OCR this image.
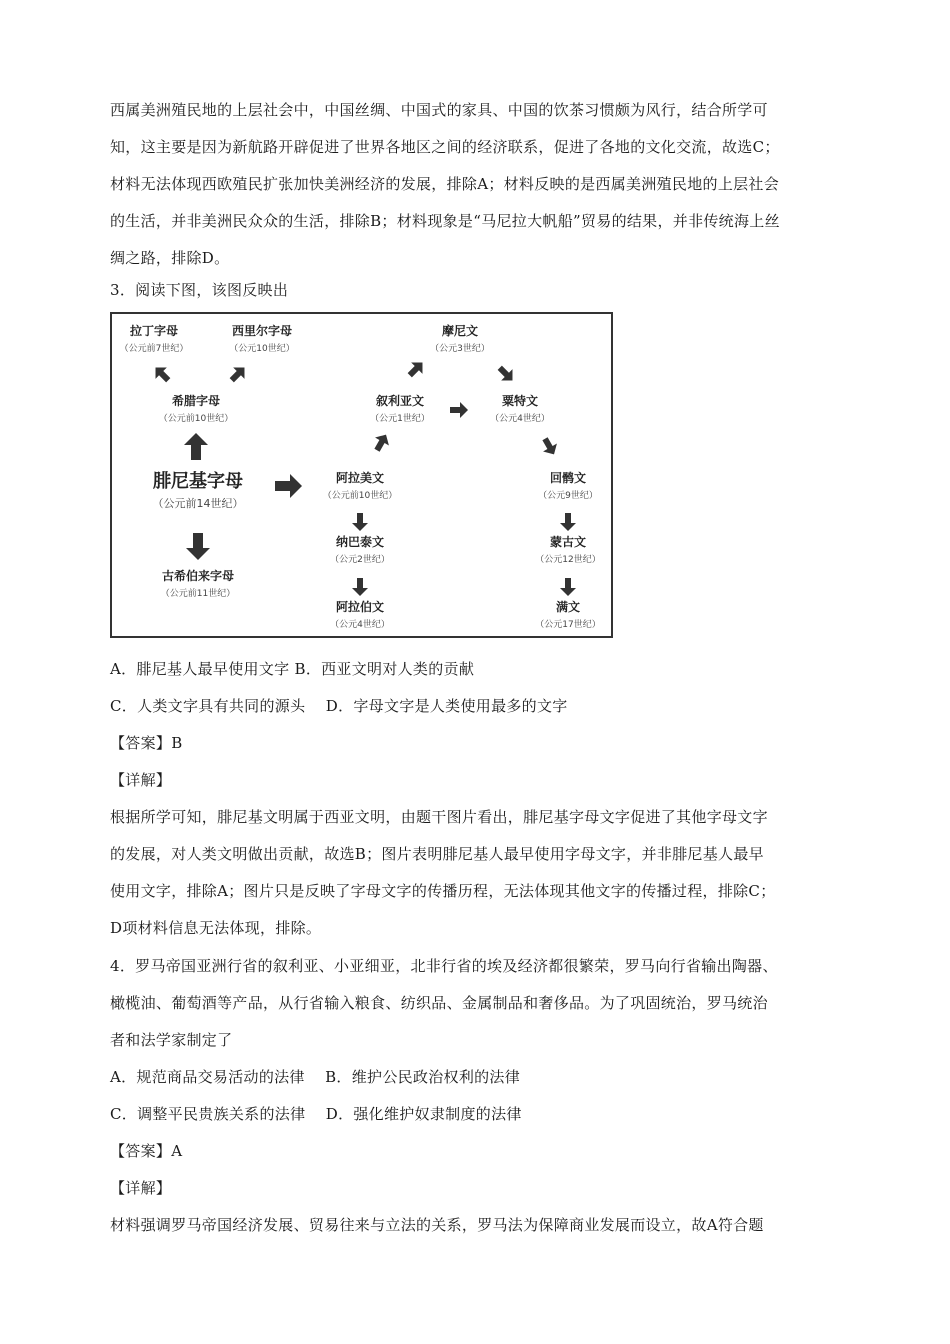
西属美洲殖民地的上层社会中，中国丝绸、中国式的家具、中国的饮茶习惯颇为风行，结合所学可
知，这主要是因为新航路开辟促进了世界各地区之间的经济联系，促进了各地的文化交流，故选C；
材料无法体现西欧殖民扩张加快美洲经济的发展，排除A；材料反映的是西属美洲殖民地的上层社会
的生活，并非美洲民众众的生活，排除B；材料现象是“马尼拉大帆船”贸易的结果，并非传统海上丝
绸之路，排除D。
3．阅读下图，该图反映出
拉丁字母
（公元前7世纪）
西里尔字母
（公元10世纪）
希腊字母
（公元前10世纪）
腓尼基字母
（公元前14世纪）
古希伯来字母
（公元前11世纪）
阿拉美文
（公元前10世纪）
叙利亚文
（公元1世纪）
纳巴泰文
（公元2世纪）
阿拉伯文
（公元4世纪）
摩尼文
（公元3世纪）
粟特文
（公元4世纪）
回鹘文
（公元9世纪）
蒙古文
（公元12世纪）
满文
（公元17世纪）
A．腓尼基人最早使用文字 B．西亚文明对人类的贡献
C．人类文字具有共同的源头　 D．字母文字是人类使用最多的文字
【答案】B
【详解】
根据所学可知，腓尼基文明属于西亚文明，由题干图片看出，腓尼基字母文字促进了其他字母文字
的发展，对人类文明做出贡献，故选B；图片表明腓尼基人最早使用字母文字，并非腓尼基人最早
使用文字，排除A；图片只是反映了字母文字的传播历程，无法体现其他文字的传播过程，排除C；
D项材料信息无法体现，排除。
4．罗马帝国亚洲行省的叙利亚、小亚细亚，北非行省的埃及经济都很繁荣，罗马向行省输出陶器、
橄榄油、葡萄酒等产品，从行省输入粮食、纺织品、金属制品和奢侈品。为了巩固统治，罗马统治
者和法学家制定了
A．规范商品交易活动的法律　 B．维护公民政治权利的法律
C．调整平民贵族关系的法律　 D．强化维护奴隶制度的法律
【答案】A
【详解】
材料强调罗马帝国经济发展、贸易往来与立法的关系，罗马法为保障商业发展而设立，故A符合题
